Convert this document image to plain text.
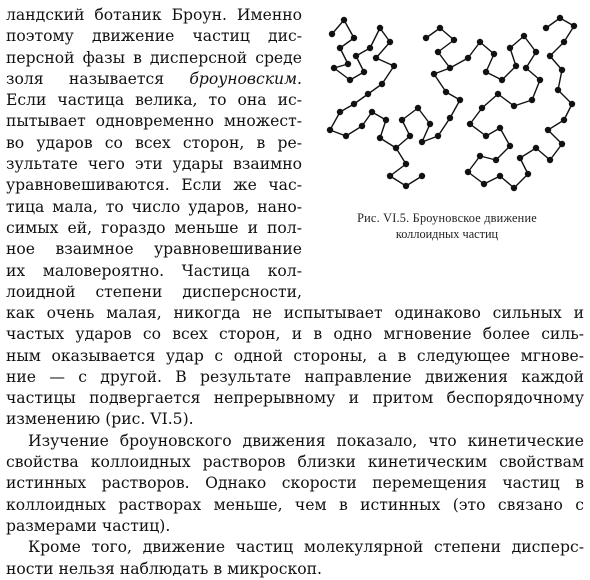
ландский ботаник Броун. Именно
поэтому движение частиц дис-
персной фазы в дисперсной среде
золя  называется  броуновским.
Если частица велика, то она ис-
пытывает одновременно множест-
во ударов со всех сторон, в ре-
зультате чего эти удары взаимно
уравновешиваются. Если же час-
тица мала, то число ударов, нано-
симых ей, гораздо меньше и пол-
ное взаимное уравновешивание
их маловероятно. Частица кол-
лоидной степени дисперсности,
Рис. VI.5. Броуновское движение
коллоидных частиц
как очень малая, никогда не испытывает одинаково сильных и
частых ударов со всех сторон, и в одно мгновение более силь-
ным оказывается удар с одной стороны, а в следующее мгнове-
ние — с другой. В результате направление движения каждой
частицы подвергается непрерывному и притом беспорядочному
изменению (рис. VI.5).
Изучение броуновского движения показало, что кинетические
свойства коллоидных растворов близки кинетическим свойствам
истинных растворов. Однако скорости перемещения частиц в
коллоидных растворах меньше, чем в истинных (это связано с
размерами частиц).
Кроме того, движение частиц молекулярной степени дисперс-
ности нельзя наблюдать в микроскоп.
